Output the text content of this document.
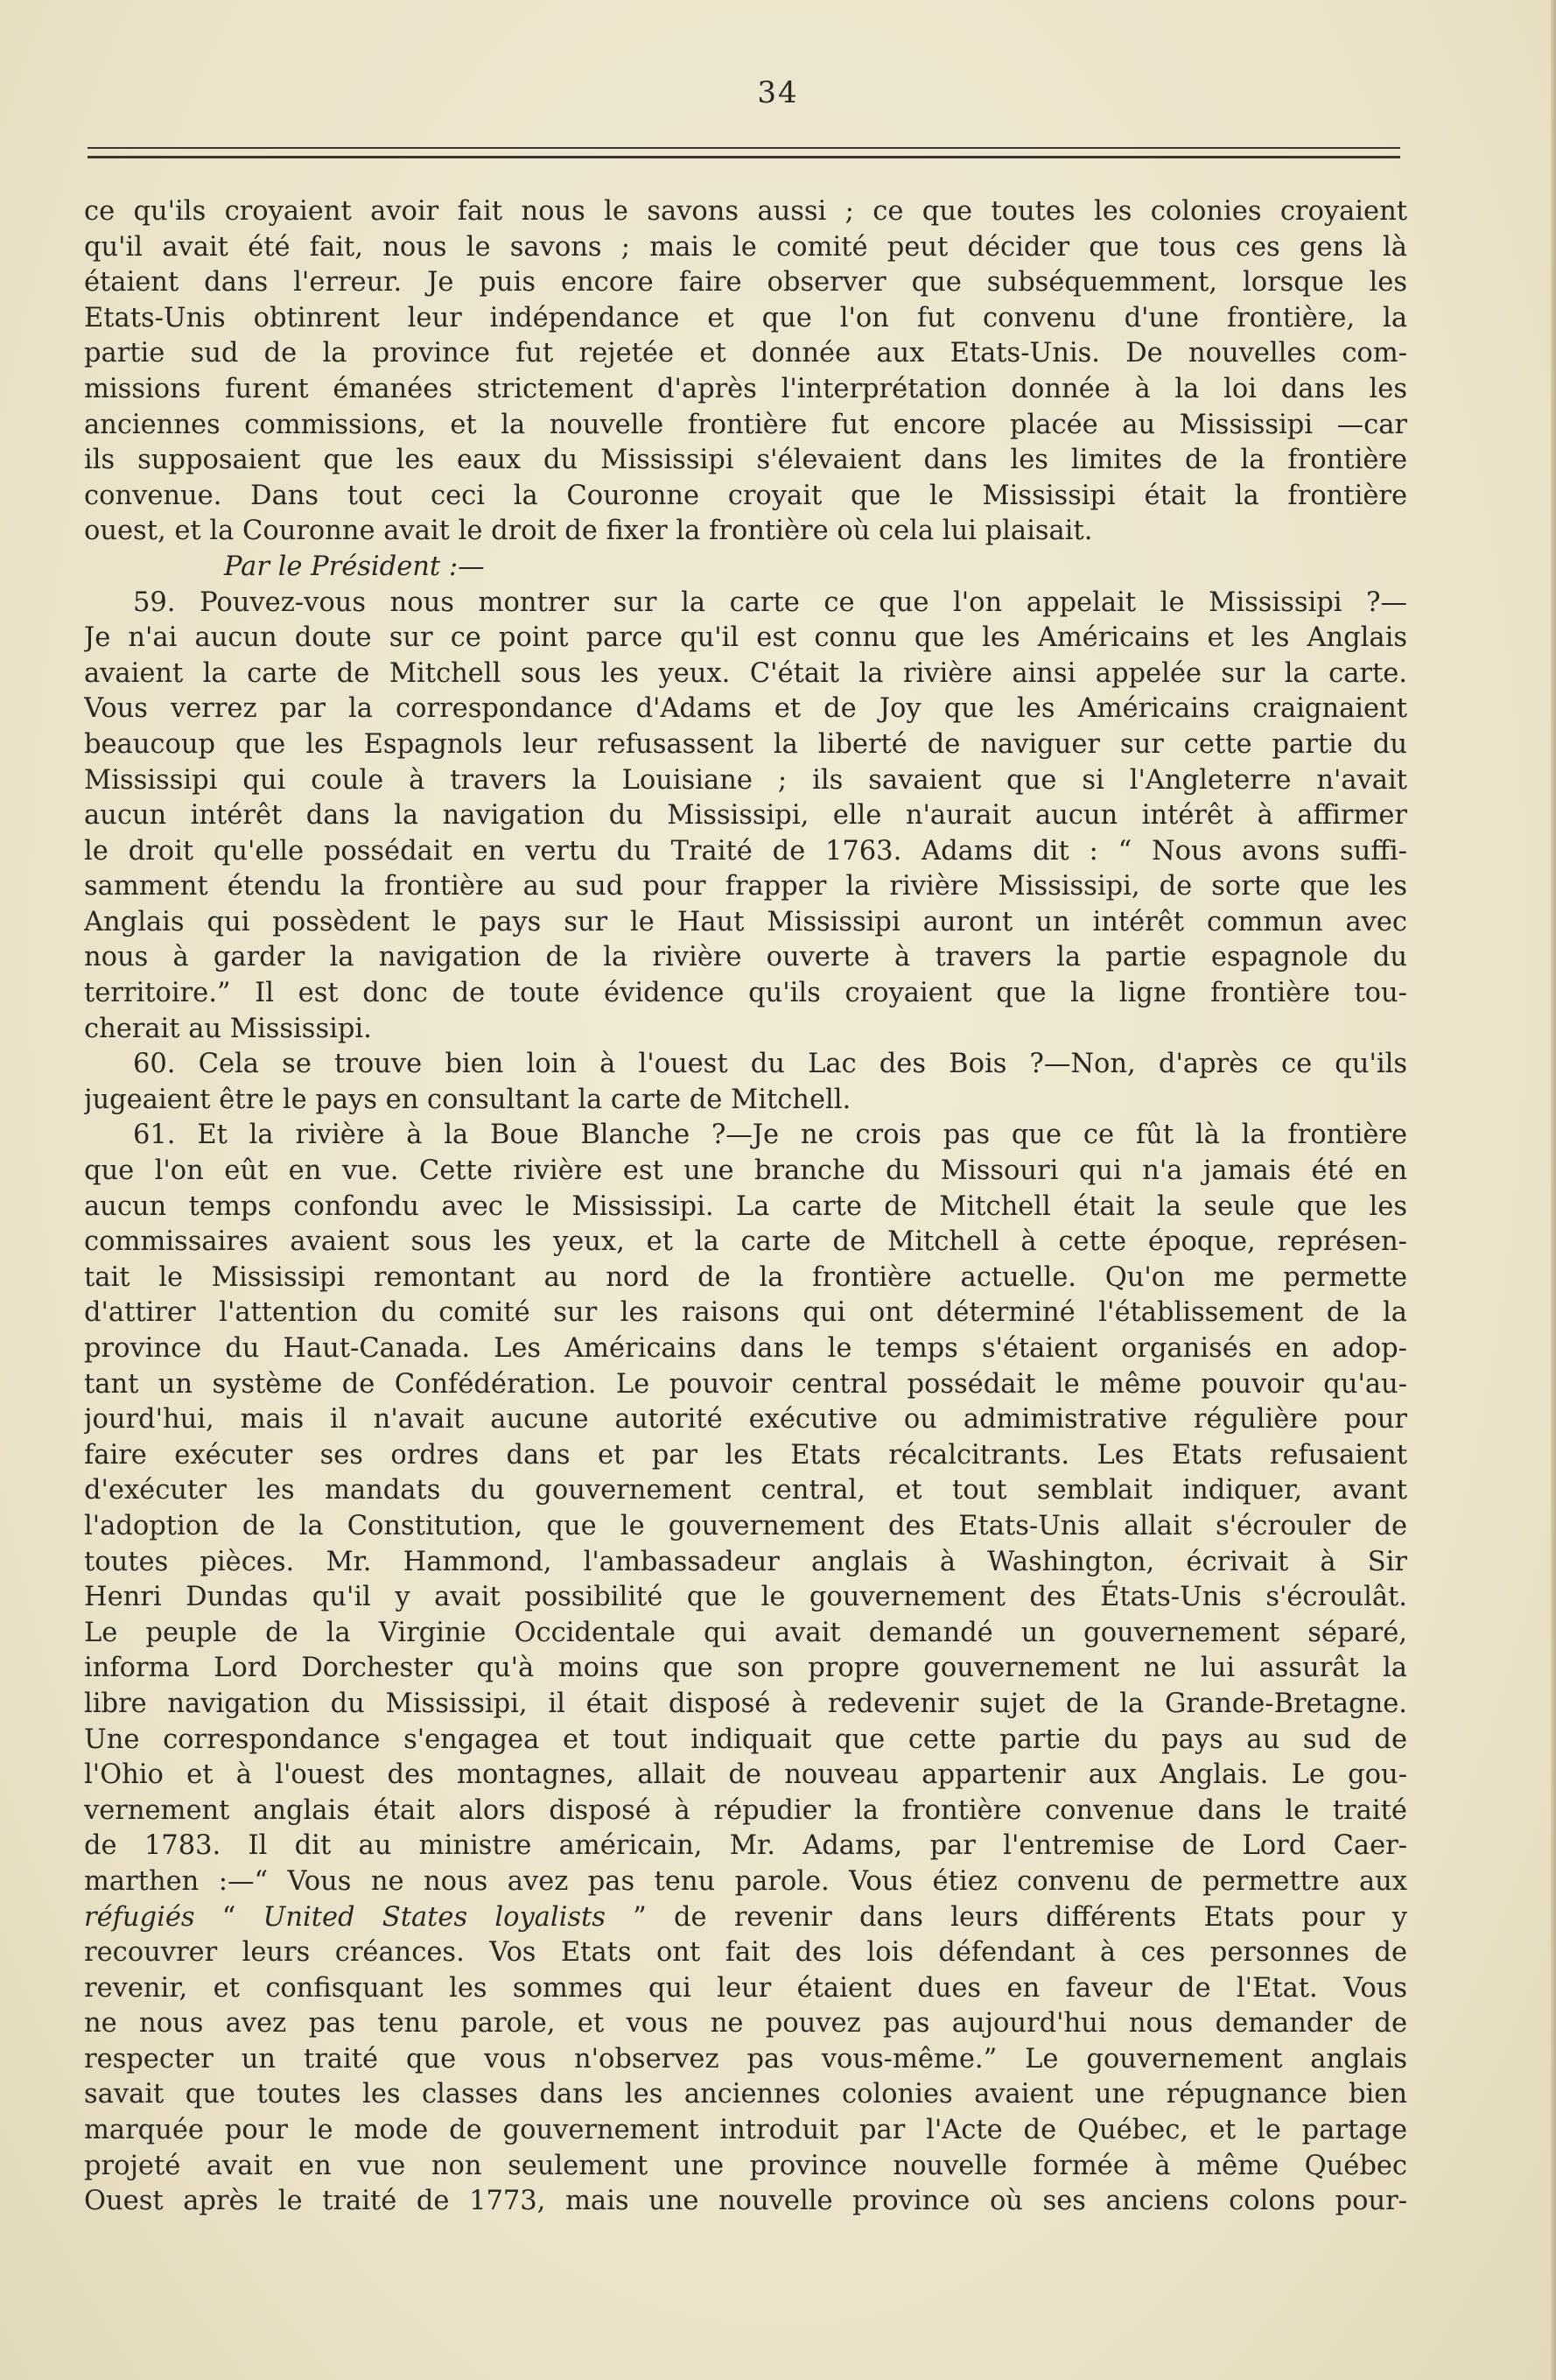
34
ce qu'ils croyaient avoir fait nous le savons aussi ; ce que toutes les colonies croyaient
qu'il avait été fait, nous le savons ; mais le comité peut décider que tous ces gens là
étaient dans l'erreur. Je puis encore faire observer que subséquemment, lorsque les
Etats-Unis obtinrent leur indépendance et que l'on fut convenu d'une frontière, la
partie sud de la province fut rejetée et donnée aux Etats-Unis. De nouvelles com-
missions furent émanées strictement d'après l'interprétation donnée à la loi dans les
anciennes commissions, et la nouvelle frontière fut encore placée au Mississipi —car
ils supposaient que les eaux du Mississipi s'élevaient dans les limites de la frontière
convenue. Dans tout ceci la Couronne croyait que le Mississipi était la frontière
ouest, et la Couronne avait le droit de fixer la frontière où cela lui plaisait.
Par le Président :—
59. Pouvez-vous nous montrer sur la carte ce que l'on appelait le Mississipi ?—
Je n'ai aucun doute sur ce point parce qu'il est connu que les Américains et les Anglais
avaient la carte de Mitchell sous les yeux. C'était la rivière ainsi appelée sur la carte.
Vous verrez par la correspondance d'Adams et de Joy que les Américains craignaient
beaucoup que les Espagnols leur refusassent la liberté de naviguer sur cette partie du
Mississipi qui coule à travers la Louisiane ; ils savaient que si l'Angleterre n'avait
aucun intérêt dans la navigation du Mississipi, elle n'aurait aucun intérêt à affirmer
le droit qu'elle possédait en vertu du Traité de 1763. Adams dit : “ Nous avons suffi-
samment étendu la frontière au sud pour frapper la rivière Mississipi, de sorte que les
Anglais qui possèdent le pays sur le Haut Mississipi auront un intérêt commun avec
nous à garder la navigation de la rivière ouverte à travers la partie espagnole du
territoire.” Il est donc de toute évidence qu'ils croyaient que la ligne frontière tou-
cherait au Mississipi.
60. Cela se trouve bien loin à l'ouest du Lac des Bois ?—Non, d'après ce qu'ils
jugeaient être le pays en consultant la carte de Mitchell.
61. Et la rivière à la Boue Blanche ?—Je ne crois pas que ce fût là la frontière
que l'on eût en vue. Cette rivière est une branche du Missouri qui n'a jamais été en
aucun temps confondu avec le Mississipi. La carte de Mitchell était la seule que les
commissaires avaient sous les yeux, et la carte de Mitchell à cette époque, représen-
tait le Mississipi remontant au nord de la frontière actuelle. Qu'on me permette
d'attirer l'attention du comité sur les raisons qui ont déterminé l'établissement de la
province du Haut-Canada. Les Américains dans le temps s'étaient organisés en adop-
tant un système de Confédération. Le pouvoir central possédait le même pouvoir qu'au-
jourd'hui, mais il n'avait aucune autorité exécutive ou admimistrative régulière pour
faire exécuter ses ordres dans et par les Etats récalcitrants. Les Etats refusaient
d'exécuter les mandats du gouvernement central, et tout semblait indiquer, avant
l'adoption de la Constitution, que le gouvernement des Etats-Unis allait s'écrouler de
toutes pièces. Mr. Hammond, l'ambassadeur anglais à Washington, écrivait à Sir
Henri Dundas qu'il y avait possibilité que le gouvernement des États-Unis s'écroulât.
Le peuple de la Virginie Occidentale qui avait demandé un gouvernement séparé,
informa Lord Dorchester qu'à moins que son propre gouvernement ne lui assurât la
libre navigation du Mississipi, il était disposé à redevenir sujet de la Grande-Bretagne.
Une correspondance s'engagea et tout indiquait que cette partie du pays au sud de
l'Ohio et à l'ouest des montagnes, allait de nouveau appartenir aux Anglais. Le gou-
vernement anglais était alors disposé à répudier la frontière convenue dans le traité
de 1783. Il dit au ministre américain, Mr. Adams, par l'entremise de Lord Caer-
marthen :—“ Vous ne nous avez pas tenu parole. Vous étiez convenu de permettre aux
réfugiés “ United States loyalists ” de revenir dans leurs différents Etats pour y
recouvrer leurs créances. Vos Etats ont fait des lois défendant à ces personnes de
revenir, et confisquant les sommes qui leur étaient dues en faveur de l'Etat. Vous
ne nous avez pas tenu parole, et vous ne pouvez pas aujourd'hui nous demander de
respecter un traité que vous n'observez pas vous-même.” Le gouvernement anglais
savait que toutes les classes dans les anciennes colonies avaient une répugnance bien
marquée pour le mode de gouvernement introduit par l'Acte de Québec, et le partage
projeté avait en vue non seulement une province nouvelle formée à même Québec
Ouest après le traité de 1773, mais une nouvelle province où ses anciens colons pour-
